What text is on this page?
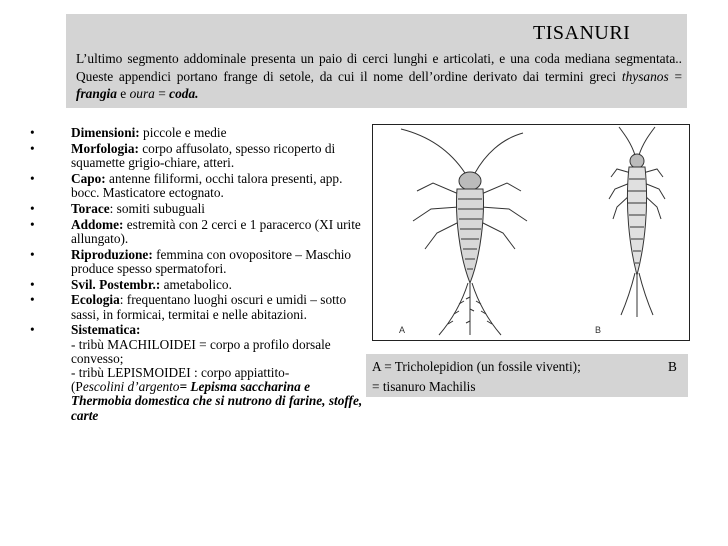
TISANURI
L’ultimo segmento addominale presenta un paio di cerci lunghi e articolati, e una coda mediana segmentata.. Queste appendici portano frange di setole, da cui il nome dell’ordine derivato dai termini greci thysanos = frangia e oura = coda.
• Dimensioni: piccole e medie
• Morfologia: corpo affusolato, spesso ricoperto di squamette grigio-chiare, atteri.
• Capo: antenne filiformi, occhi talora presenti, app. bocc. Masticatore ectognato.
• Torace: somiti subuguali
• Addome: estremità con 2 cerci e 1 paracerco (XI urite allungato).
• Riproduzione: femmina con ovopositore – Maschio produce spesso spermatofori.
• Svil. Postembr.: ametabolico.
• Ecologia: frequentano luoghi oscuri e umidi – sotto sassi, in formicai, termitai e nelle abitazioni.
• Sistematica:
- tribù MACHILOIDEI = corpo a profilo dorsale convesso;
- tribù LEPISMOIDEI : corpo appiattito-
(Pescolini d’argento= Lepisma saccharina e Thermobia domestica che si nutrono di farine, stoffe, carte
A	B
A = Tricholepidion (un fossile viventi);	B
= tisanuro Machilis
